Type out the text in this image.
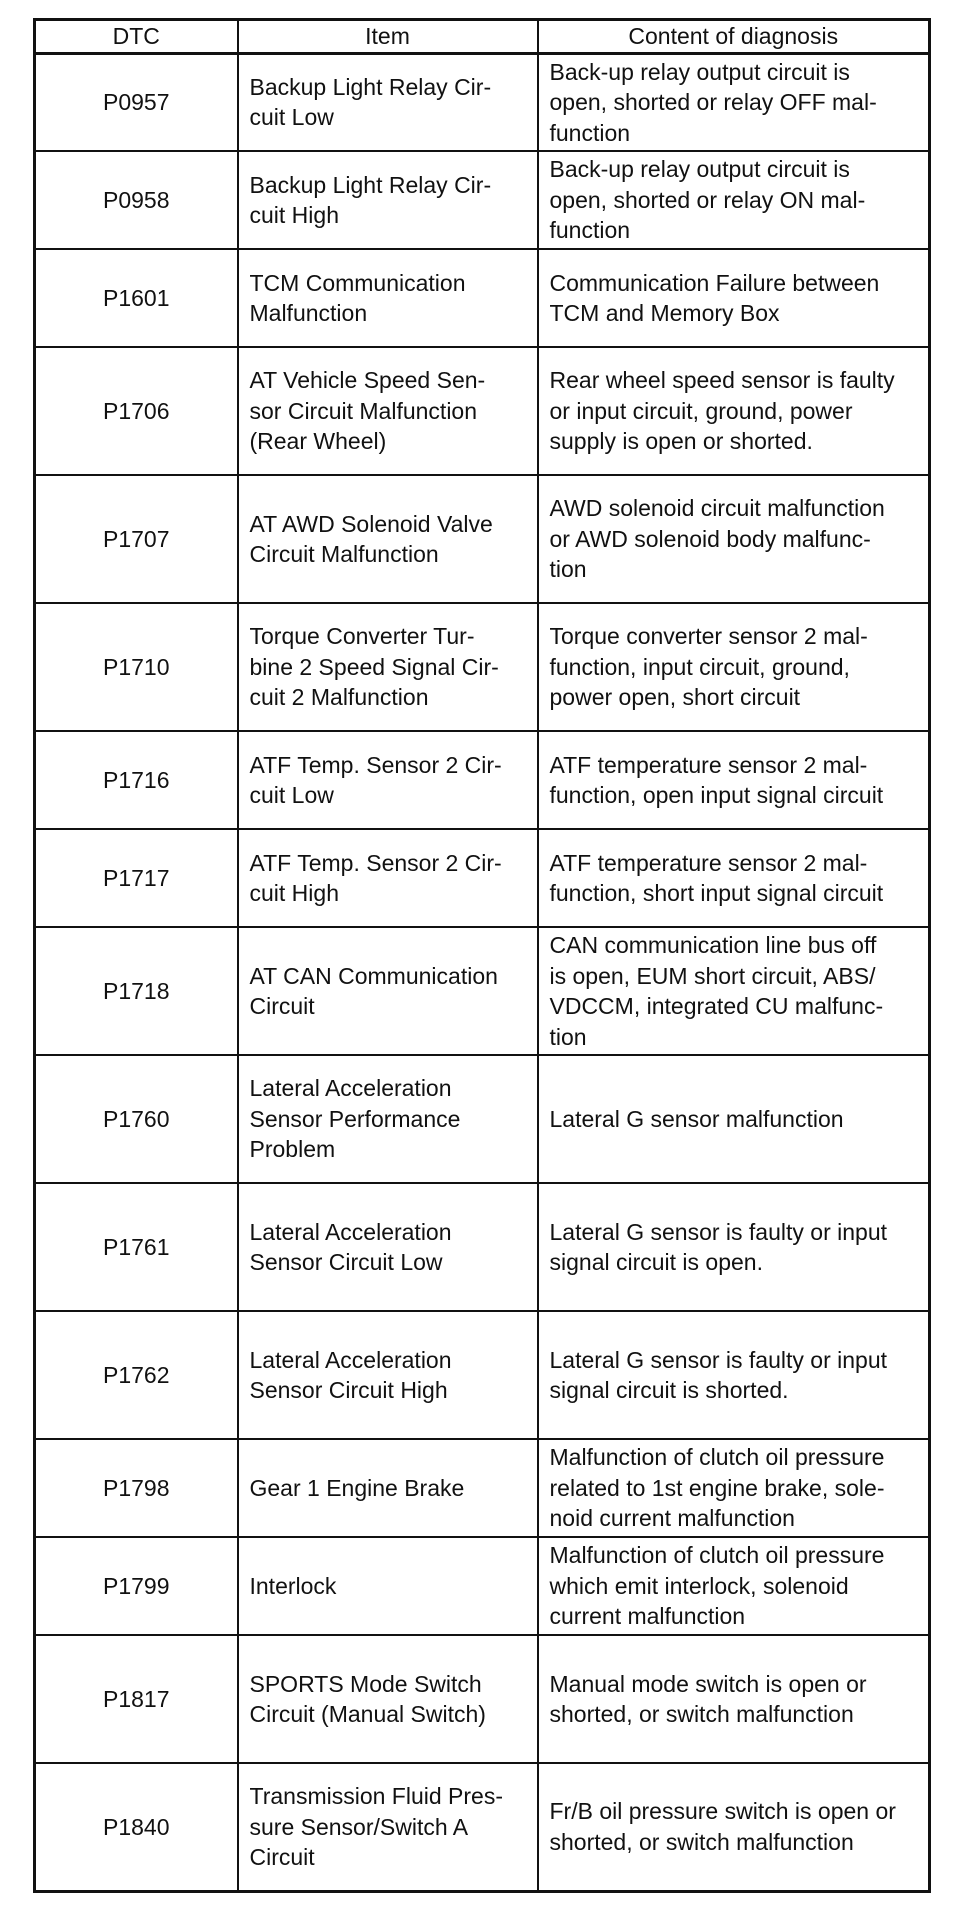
DTC	Item	Content of diagnosis
P0957	Backup Light Relay Cir-
cuit Low	Back-up relay output circuit is
open, shorted or relay OFF mal-
function

P0958	Backup Light Relay Cir-
cuit High	Back-up relay output circuit is
open, shorted or relay ON mal-
function

P1601	TCM Communication
Malfunction	Communication Failure between
TCM and Memory Box

P1706	AT Vehicle Speed Sen-
sor Circuit Malfunction
(Rear Wheel)	Rear wheel speed sensor is faulty
or input circuit, ground, power
supply is open or shorted.

P1707	AT AWD Solenoid Valve
Circuit Malfunction	AWD solenoid circuit malfunction
or AWD solenoid body malfunc-
tion

P1710	Torque Converter Tur-
bine 2 Speed Signal Cir-
cuit 2 Malfunction	Torque converter sensor 2 mal-
function, input circuit, ground,
power open, short circuit

P1716	ATF Temp. Sensor 2 Cir-
cuit Low	ATF temperature sensor 2 mal-
function, open input signal circuit

P1717	ATF Temp. Sensor 2 Cir-
cuit High	ATF temperature sensor 2 mal-
function, short input signal circuit

P1718	AT CAN Communication
Circuit	CAN communication line bus off
is open, EUM short circuit, ABS/
VDCCM, integrated CU malfunc-
tion

P1760	Lateral Acceleration
Sensor Performance
Problem	Lateral G sensor malfunction

P1761	Lateral Acceleration
Sensor Circuit Low	Lateral G sensor is faulty or input
signal circuit is open.

P1762	Lateral Acceleration
Sensor Circuit High	Lateral G sensor is faulty or input
signal circuit is shorted.

P1798	Gear 1 Engine Brake	Malfunction of clutch oil pressure
related to 1st engine brake, sole-
noid current malfunction

P1799	Interlock	Malfunction of clutch oil pressure
which emit interlock, solenoid
current malfunction

P1817	SPORTS Mode Switch
Circuit (Manual Switch)	Manual mode switch is open or
shorted, or switch malfunction

P1840	Transmission Fluid Pres-
sure Sensor/Switch A
Circuit	Fr/B oil pressure switch is open or
shorted, or switch malfunction
